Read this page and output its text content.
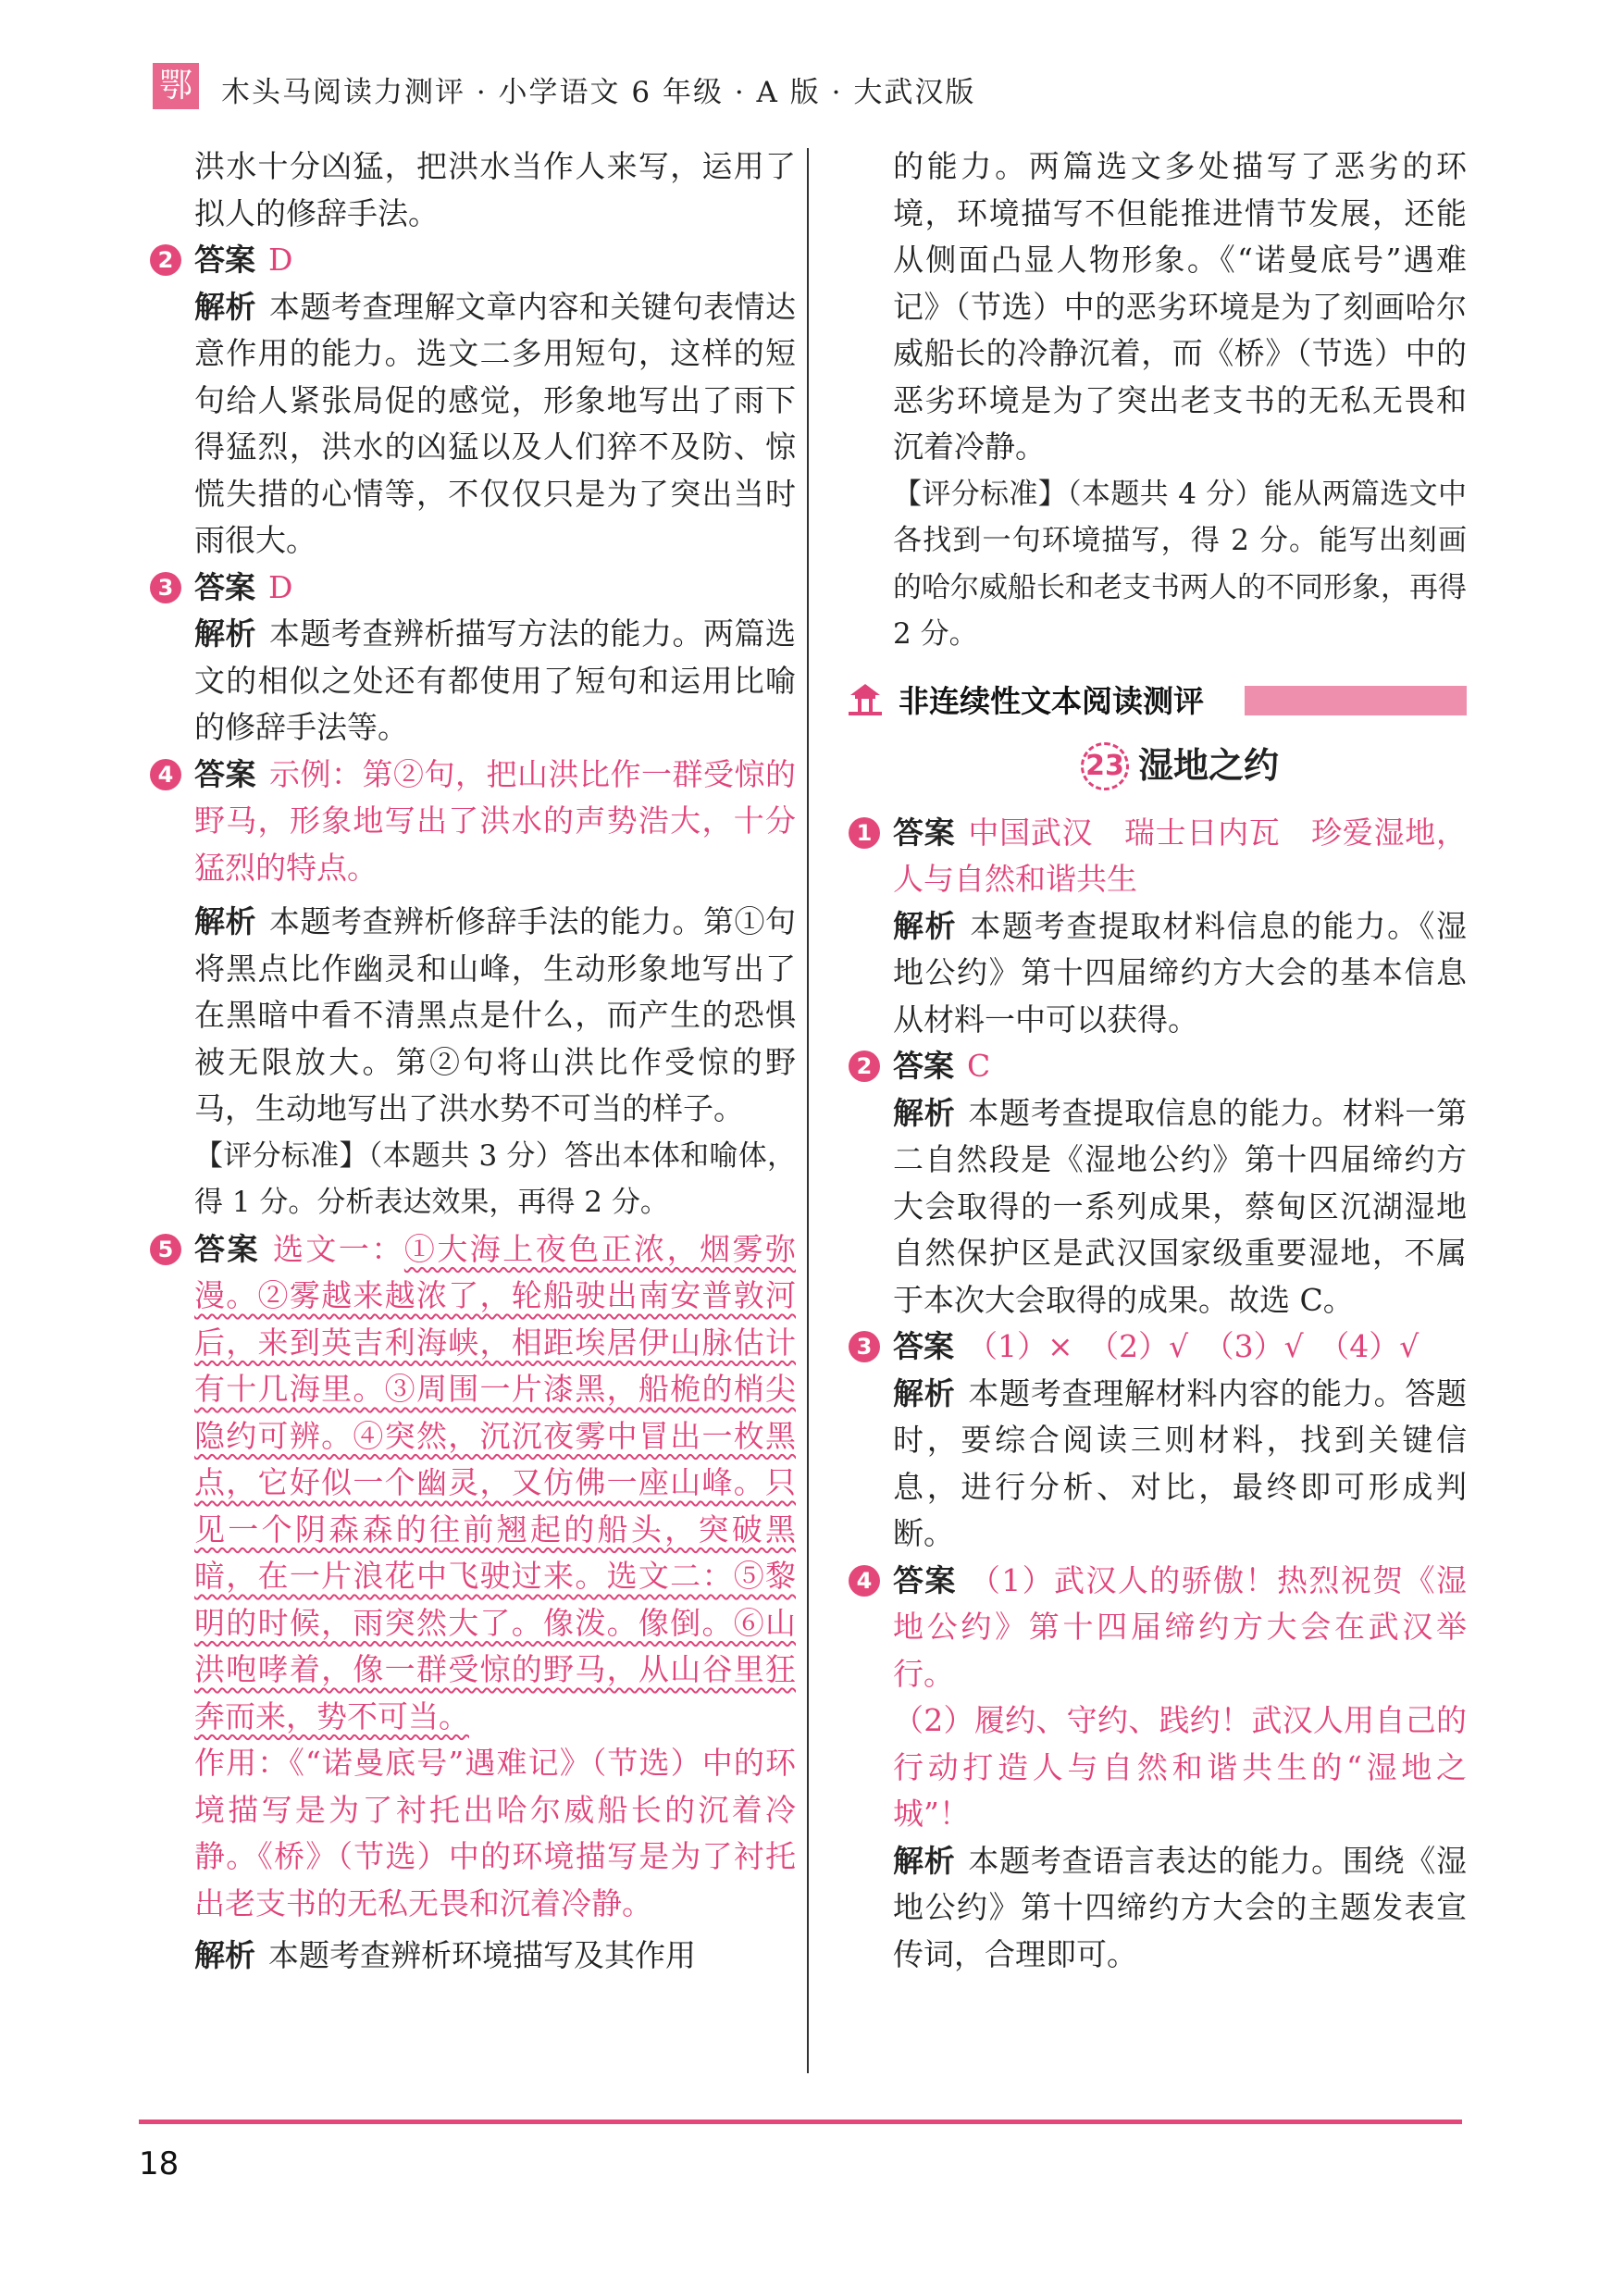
鄂 木头马阅读力测评 · 小学语文 6 年级 · A 版 · 大武汉版

洪水十分凶猛，把洪水当作人来写，运用了拟人的修辞手法。

2 答案 D

解析 本题考查理解文章内容和关键句表情达意作用的能力。选文二多用短句，这样的短句给人紧张局促的感觉，形象地写出了雨下得猛烈，洪水的凶猛以及人们猝不及防、惊慌失措的心情等，不仅仅只是为了突出当时雨很大。

3 答案 D

解析 本题考查辨析描写方法的能力。两篇选文的相似之处还有都使用了短句和运用比喻的修辞手法等。

4 答案 示例：第②句，把山洪比作一群受惊的野马，形象地写出了洪水的声势浩大，十分猛烈的特点。

解析 本题考查辨析修辞手法的能力。第①句将黑点比作幽灵和山峰，生动形象地写出了在黑暗中看不清黑点是什么，而产生的恐惧被无限放大。第②句将山洪比作受惊的野马，生动地写出了洪水势不可当的样子。

【评分标准】（本题共 3 分）答出本体和喻体，得 1 分。分析表达效果，再得 2 分。

5 答案 选文一：①大海上夜色正浓，烟雾弥漫。②雾越来越浓了，轮船驶出南安普敦河后，来到英吉利海峡，相距埃居伊山脉估计有十几海里。③周围一片漆黑，船桅的梢尖隐约可辨。④突然，沉沉夜雾中冒出一枚黑点，它好似一个幽灵，又仿佛一座山峰。只见一个阴森森的往前翘起的船头，突破黑暗，在一片浪花中飞驶过来。选文二：⑤黎明的时候，雨突然大了。像泼。像倒。⑥山洪咆哮着，像一群受惊的野马，从山谷里狂奔而来，势不可当。

作用：《“诺曼底号”遇难记》（节选）中的环境描写是为了衬托出哈尔威船长的沉着冷静。《桥》（节选）中的环境描写是为了衬托出老支书的无私无畏和沉着冷静。

解析 本题考查辨析环境描写及其作用

的能力。两篇选文多处描写了恶劣的环境，环境描写不但能推进情节发展，还能从侧面凸显人物形象。《“诺曼底号”遇难记》（节选）中的恶劣环境是为了刻画哈尔威船长的冷静沉着，而《桥》（节选）中的恶劣环境是为了突出老支书的无私无畏和沉着冷静。

【评分标准】（本题共 4 分）能从两篇选文中各找到一句环境描写，得 2 分。能写出刻画的哈尔威船长和老支书两人的不同形象，再得 2 分。

非连续性文本阅读测评
23 湿地之约
1 答案 中国武汉　瑞士日内瓦　珍爱湿地，人与自然和谐共生

解析 本题考查提取材料信息的能力。《湿地公约》第十四届缔约方大会的基本信息从材料一中可以获得。

2 答案 C

解析 本题考查提取信息的能力。材料一第二自然段是《湿地公约》第十四届缔约方大会取得的一系列成果，蔡甸区沉湖湿地自然保护区是武汉国家级重要湿地，不属于本次大会取得的成果。故选 C。

3 答案 （1）×　（2）√　（3）√　（4）√

解析 本题考查理解材料内容的能力。答题时，要综合阅读三则材料，找到关键信息，进行分析、对比，最终即可形成判断。

4 答案 （1）武汉人的骄傲！热烈祝贺《湿地公约》第十四届缔约方大会在武汉举行。

（2）履约、守约、践约！武汉人用自己的行动打造人与自然和谐共生的“湿地之城”！

解析 本题考查语言表达的能力。围绕《湿地公约》第十四缔约方大会的主题发表宣传词，合理即可。

18
